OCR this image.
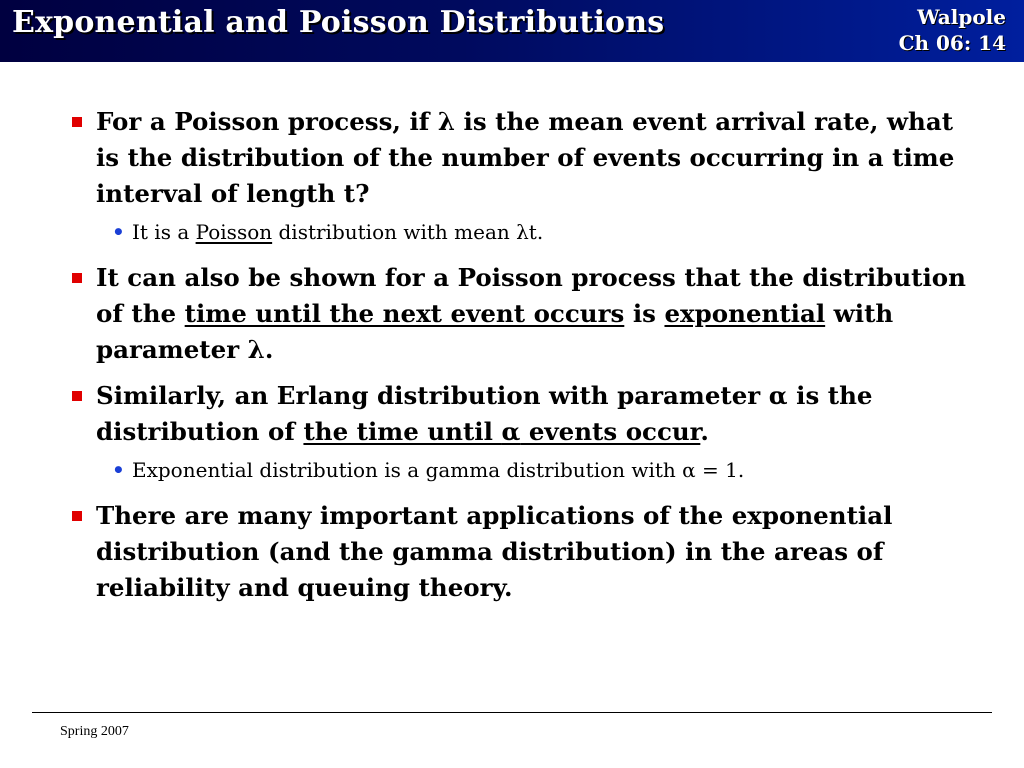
Exponential and Poisson Distributions	Walpole
Ch 06: 14
For a Poisson process, if λ is the mean event arrival rate, what is the distribution of the number of events occurring in a time interval of length t?
• It is a Poisson distribution with mean λt.
It can also be shown for a Poisson process that the distribution of the time until the next event occurs is exponential with parameter λ.
Similarly, an Erlang distribution with parameter α is the distribution of the time until α events occur.
• Exponential distribution is a gamma distribution with α = 1.
There are many important applications of the exponential distribution (and the gamma distribution) in the areas of reliability and queuing theory.
Spring 2007
